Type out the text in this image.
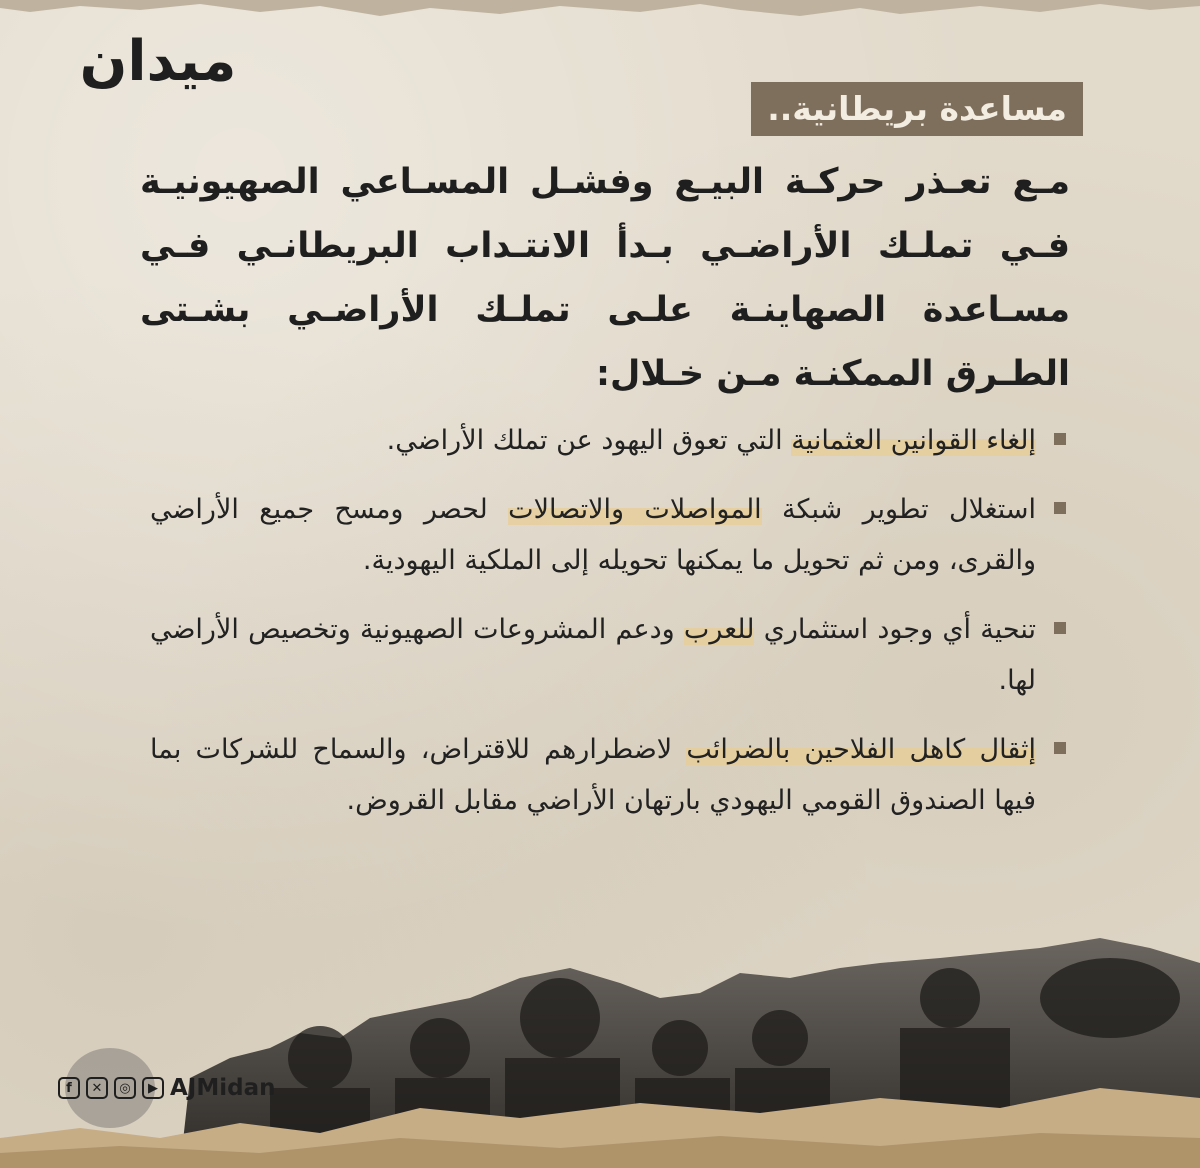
ميدان
مساعدة بريطانية..
مـع تعـذر حركـة البيـع وفشـل المسـاعي الصهيونيـة فـي تملـك الأراضـي بـدأ الانتـداب البريطانـي فـي مسـاعدة الصهاينـة علـى تملـك الأراضـي بشـتى الطـرق الممكنـة مـن خـلال:
إلغاء القوانين العثمانية التي تعوق اليهود عن تملك الأراضي.
استغلال تطوير شبكة المواصلات والاتصالات لحصر ومسح جميع الأراضي والقرى، ومن ثم تحويل ما يمكنها تحويله إلى الملكية اليهودية.
تنحية أي وجود استثماري للعرب ودعم المشروعات الصهيونية وتخصيص الأراضي لها.
إثقال كاهل الفلاحين بالضرائب لاضطرارهم للاقتراض، والسماح للشركات بما فيها الصندوق القومي اليهودي بارتهان الأراضي مقابل القروض.
f	✕	◎	▶ AJMidan
